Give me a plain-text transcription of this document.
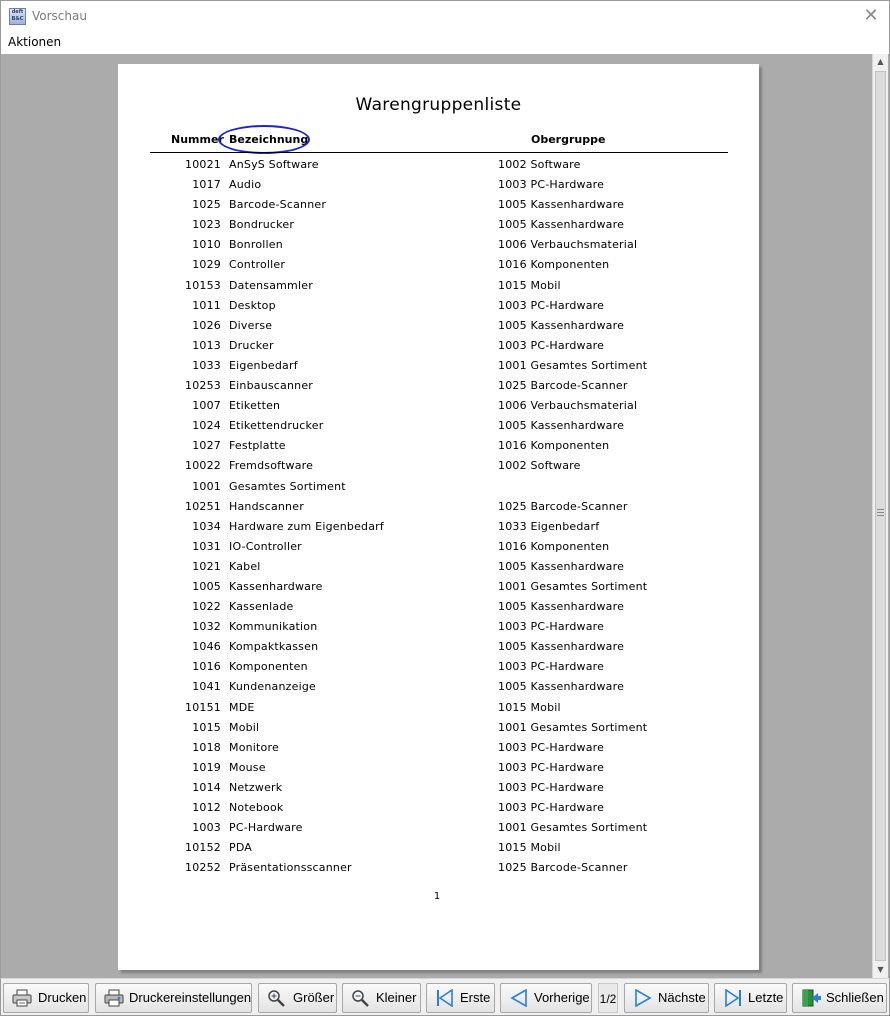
deft
B&C Vorschau	✕
Aktionen
Warengruppenliste
Nummer Bezeichnung	Obergruppe
10021 AnSyS Software	1002 Software
1017 Audio	1003 PC-Hardware
1025 Barcode-Scanner	1005 Kassenhardware
1023 Bondrucker	1005 Kassenhardware
1010 Bonrollen	1006 Verbauchsmaterial
1029 Controller	1016 Komponenten
10153 Datensammler	1015 Mobil
1011 Desktop	1003 PC-Hardware
1026 Diverse	1005 Kassenhardware
1013 Drucker	1003 PC-Hardware
1033 Eigenbedarf	1001 Gesamtes Sortiment
10253 Einbauscanner	1025 Barcode-Scanner
1007 Etiketten	1006 Verbauchsmaterial
1024 Etikettendrucker	1005 Kassenhardware
1027 Festplatte	1016 Komponenten
10022 Fremdsoftware	1002 Software
1001 Gesamtes Sortiment
10251 Handscanner	1025 Barcode-Scanner
1034 Hardware zum Eigenbedarf	1033 Eigenbedarf
1031 IO-Controller	1016 Komponenten
1021 Kabel	1005 Kassenhardware
1005 Kassenhardware	1001 Gesamtes Sortiment
1022 Kassenlade	1005 Kassenhardware
1032 Kommunikation	1003 PC-Hardware
1046 Kompaktkassen	1005 Kassenhardware
1016 Komponenten	1003 PC-Hardware
1041 Kundenanzeige	1005 Kassenhardware
10151 MDE	1015 Mobil
1015 Mobil	1001 Gesamtes Sortiment
1018 Monitore	1003 PC-Hardware
1019 Mouse	1003 PC-Hardware
1014 Netzwerk	1003 PC-Hardware
1012 Notebook	1003 PC-Hardware
1003 PC-Hardware	1001 Gesamtes Sortiment
10152 PDA	1015 Mobil
10252 Präsentationsscanner	1025 Barcode-Scanner
1
▲
▼
Drucken	Druckereinstellungen	Größer	Kleiner	Erste	Vorherige 1/2	Nächste	Letzte	Schließen
